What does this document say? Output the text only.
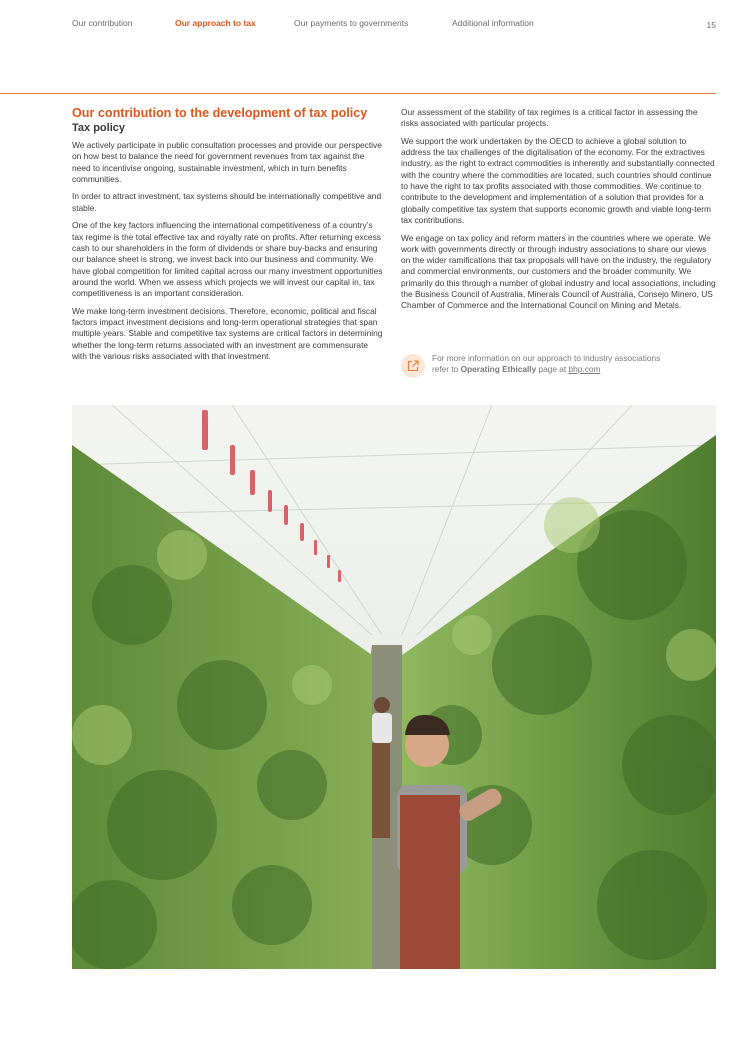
Our contribution	Our approach to tax	Our payments to governments	Additional information	15
Our contribution to the development of tax policy
Tax policy

We actively participate in public consultation processes and provide our perspective on how best to balance the need for government revenues from tax against the need to incentivise ongoing, sustainable investment, which in turn benefits communities.

In order to attract investment, tax systems should be internationally competitive and stable.

One of the key factors influencing the international competitiveness of a country’s tax regime is the total effective tax and royalty rate on profits. After returning excess cash to our shareholders in the form of dividends or share buy-backs and ensuring our balance sheet is strong, we invest back into our business and community. We have global competition for limited capital across our many investment opportunities around the world. When we assess which projects we will invest our capital in, tax competitiveness is an important consideration.

We make long-term investment decisions. Therefore, economic, political and fiscal factors impact investment decisions and long-term operational strategies that span multiple years. Stable and competitive tax systems are critical factors in determining whether the long-term returns associated with an investment are commensurate with the various risks associated with that investment.

Our assessment of the stability of tax regimes is a critical factor in assessing the risks associated with particular projects.

We support the work undertaken by the OECD to achieve a global solution to address the tax challenges of the digitalisation of the economy. For the extractives industry, as the right to extract commodities is inherently and substantially connected with the country where the commodities are located, such countries should continue to have the right to tax profits associated with those commodities. We continue to contribute to the development and implementation of a solution that provides for a globally competitive tax system that supports economic growth and viable long-term tax contributions.

We engage on tax policy and reform matters in the countries where we operate. We work with governments directly or through industry associations to share our views on the wider ramifications that tax proposals will have on the industry, the regulatory and commercial environments, our customers and the broader community. We primarily do this through a number of global industry and local associations, including the Business Council of Australia, Minerals Council of Australia, Consejo Minero, US Chamber of Commerce and the International Council on Mining and Metals.

For more information on our approach to industry associations
refer to Operating Ethically page at bhp.com
